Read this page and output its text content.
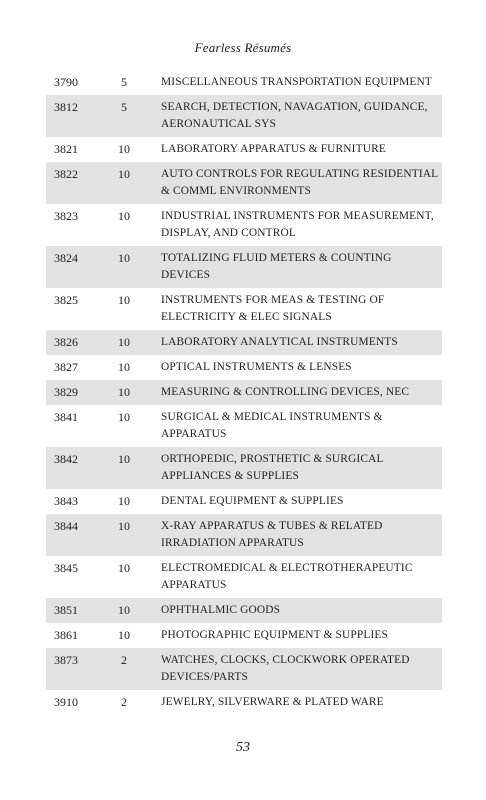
Fearless Résumés
3790	5	MISCELLANEOUS TRANSPORTATION EQUIPMENT
3812	5	SEARCH, DETECTION, NAVAGATION, GUIDANCE, AERONAUTICAL SYS
3821	10	LABORATORY APPARATUS & FURNITURE
3822	10	AUTO CONTROLS FOR REGULATING RESIDENTIAL & COMML ENVIRONMENTS
3823	10	INDUSTRIAL INSTRUMENTS FOR MEASUREMENT, DISPLAY, AND CONTROL
3824	10	TOTALIZING FLUID METERS & COUNTING DEVICES
3825	10	INSTRUMENTS FOR MEAS & TESTING OF ELECTRICITY & ELEC SIGNALS
3826	10	LABORATORY ANALYTICAL INSTRUMENTS
3827	10	OPTICAL INSTRUMENTS & LENSES
3829	10	MEASURING & CONTROLLING DEVICES, NEC
3841	10	SURGICAL & MEDICAL INSTRUMENTS & APPARATUS
3842	10	ORTHOPEDIC, PROSTHETIC & SURGICAL APPLIANCES & SUPPLIES
3843	10	DENTAL EQUIPMENT & SUPPLIES
3844	10	X-RAY APPARATUS & TUBES & RELATED IRRADIATION APPARATUS
3845	10	ELECTROMEDICAL & ELECTROTHERAPEUTIC APPARATUS
3851	10	OPHTHALMIC GOODS
3861	10	PHOTOGRAPHIC EQUIPMENT & SUPPLIES
3873	2	WATCHES, CLOCKS, CLOCKWORK OPERATED DEVICES/PARTS
3910	2	JEWELRY, SILVERWARE & PLATED WARE
53
